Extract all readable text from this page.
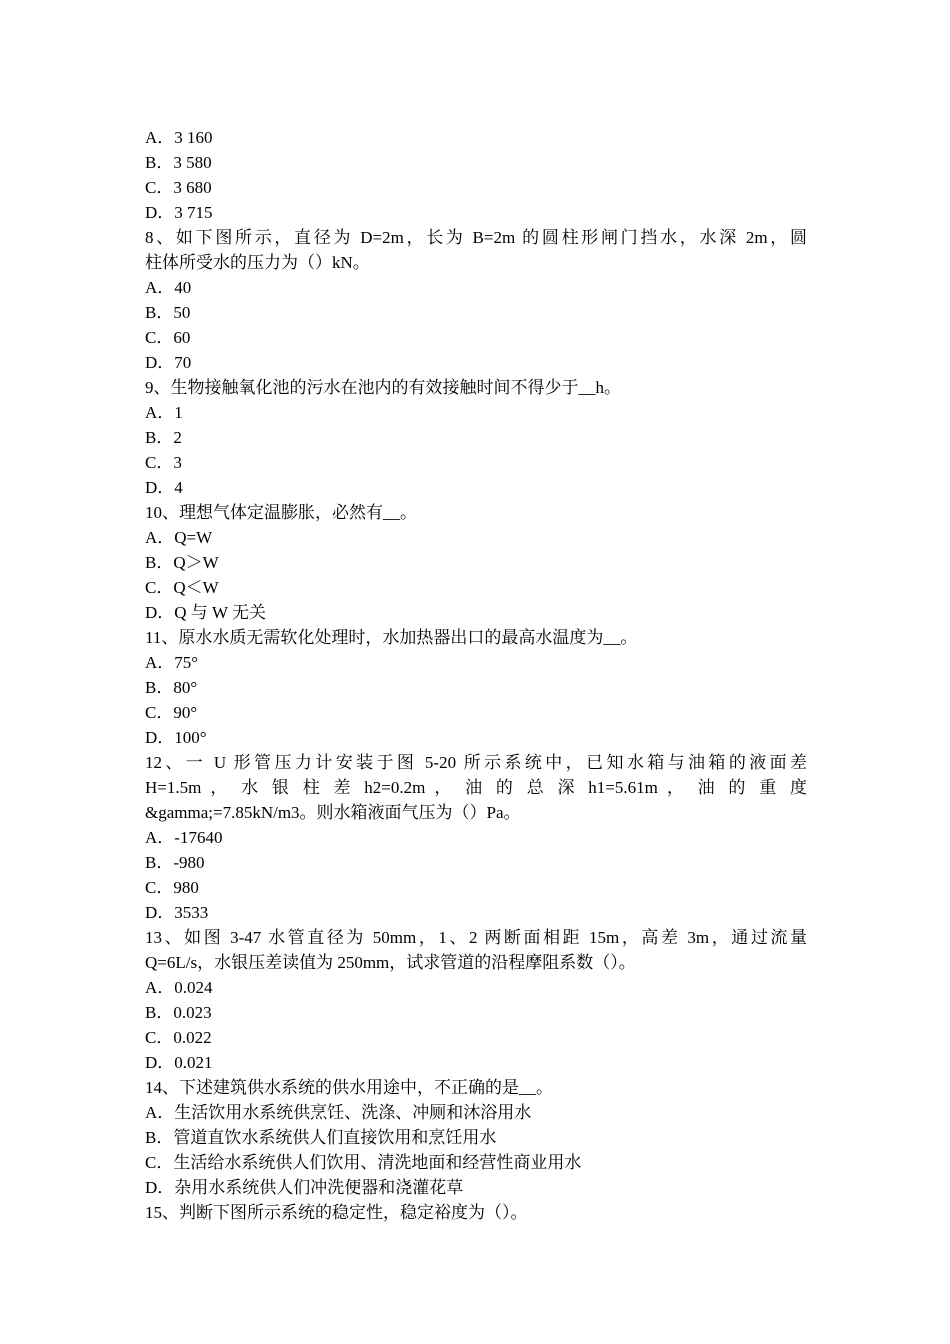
A．3 160
B．3 580
C．3 680
D．3 715
8、如下图所示，直径为 D=2m，长为 B=2m 的圆柱形闸门挡水，水深 2m，圆
柱体所受水的压力为（）kN。
A．40
B．50
C．60
D．70
9、生物接触氧化池的污水在池内的有效接触时间不得少于__h。
A．1
B．2
C．3
D．4
10、理想气体定温膨胀，必然有__。
A．Q=W
B．Q＞W
C．Q＜W
D．Q 与 W 无关
11、原水水质无需软化处理时，水加热器出口的最高水温度为__。
A．75°
B．80°
C．90°
D．100°
12、一 U 形管压力计安装于图 5-20 所示系统中，已知水箱与油箱的液面差
H=1.5m ， 水 银 柱 差 h2=0.2m ， 油 的 总 深 h1=5.61m ， 油 的 重 度
&gamma;=7.85kN/m3。则水箱液面气压为（）Pa。
A．-17640
B．-980
C．980
D．3533
13、如图 3-47 水管直径为 50mm，1、2 两断面相距 15m，高差 3m，通过流量
Q=6L/s，水银压差读值为 250mm，试求管道的沿程摩阻系数（）。
A．0.024
B．0.023
C．0.022
D．0.021
14、下述建筑供水系统的供水用途中，不正确的是__。
A．生活饮用水系统供烹饪、洗涤、冲厕和沐浴用水
B．管道直饮水系统供人们直接饮用和烹饪用水
C．生活给水系统供人们饮用、清洗地面和经营性商业用水
D．杂用水系统供人们冲洗便器和浇灌花草
15、判断下图所示系统的稳定性，稳定裕度为（）。
